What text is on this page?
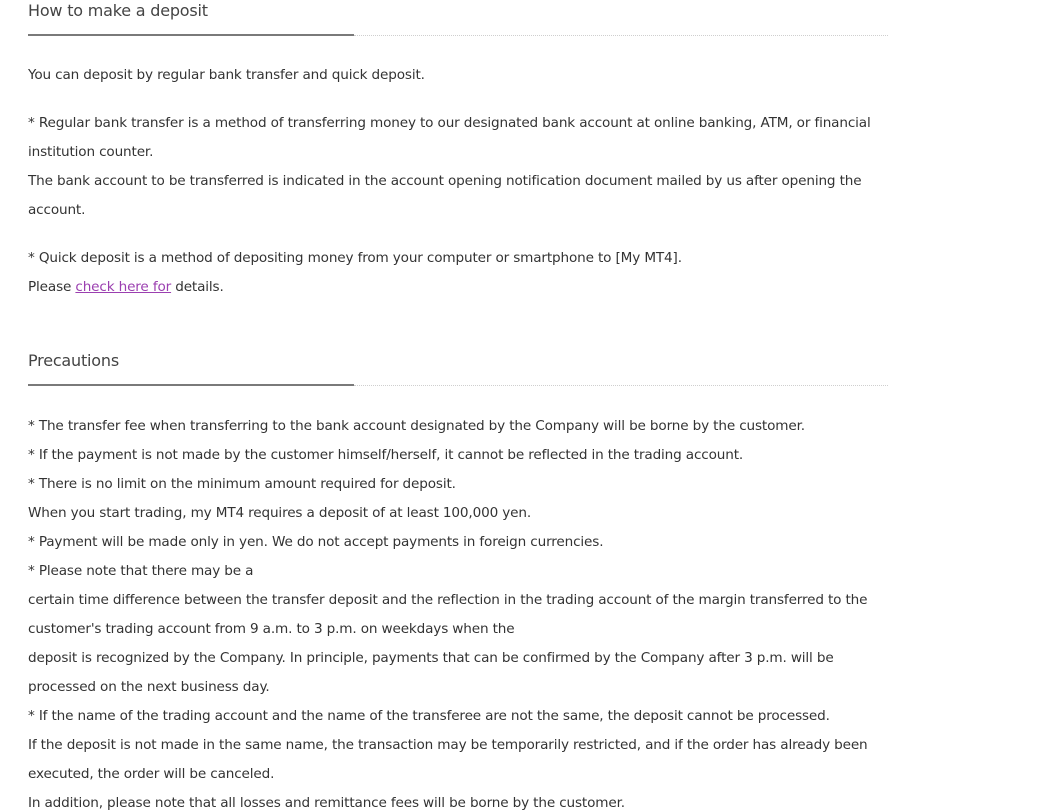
How to make a deposit

You can deposit by regular bank transfer and quick deposit.

* Regular bank transfer is a method of transferring money to our designated bank account at online banking, ATM, or financial

institution counter.

The bank account to be transferred is indicated in the account opening notification document mailed by us after opening the

account.

* Quick deposit is a method of depositing money from your computer or smartphone to [My MT4].

Please check here for details.

Precautions

* The transfer fee when transferring to the bank account designated by the Company will be borne by the customer.

* If the payment is not made by the customer himself/herself, it cannot be reflected in the trading account.

* There is no limit on the minimum amount required for deposit.

When you start trading, my MT4 requires a deposit of at least 100,000 yen.

* Payment will be made only in yen. We do not accept payments in foreign currencies.

* Please note that there may be a

certain time difference between the transfer deposit and the reflection in the trading account of the margin transferred to the

customer's trading account from 9 a.m. to 3 p.m. on weekdays when the

deposit is recognized by the Company. In principle, payments that can be confirmed by the Company after 3 p.m. will be

processed on the next business day.

* If the name of the trading account and the name of the transferee are not the same, the deposit cannot be processed.

If the deposit is not made in the same name, the transaction may be temporarily restricted, and if the order has already been

executed, the order will be canceled.

In addition, please note that all losses and remittance fees will be borne by the customer.
